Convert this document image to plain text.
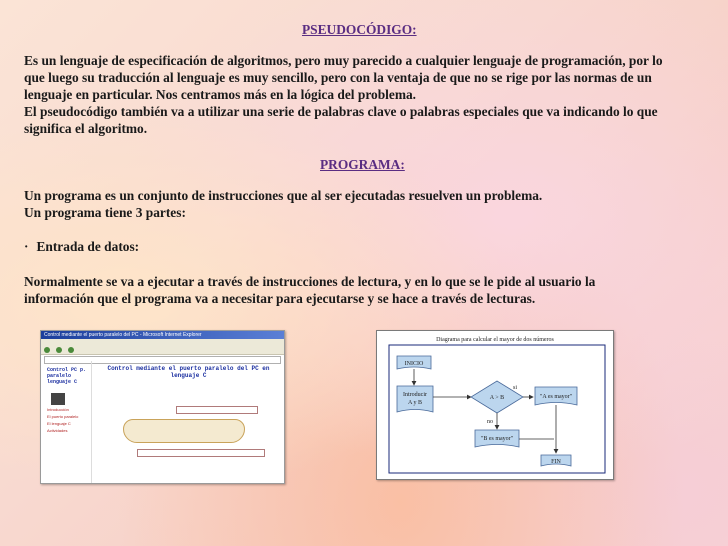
PSEUDOCÓDIGO:
Es un lenguaje de especificación de algoritmos, pero muy parecido a cualquier lenguaje de programación, por lo
que luego su traducción al lenguaje es muy sencillo, pero con la ventaja de que no se rige por las normas de un
lenguaje en particular. Nos centramos más en la lógica del problema.
El pseudocódigo también va a utilizar una serie de palabras clave o palabras especiales que va indicando lo que
significa el algoritmo.
PROGRAMA:
Un programa es un conjunto de instrucciones que al ser ejecutadas resuelven un problema.
Un programa tiene 3 partes:
· Entrada de datos:
Normalmente se va a ejecutar a través de instrucciones de lectura, y en lo que se le pide al usuario la
información que el programa va a necesitar para ejecutarse y se hace a través de lecturas.
Control mediante el puerto paralelo del PC - Microsoft Internet Explorer
Control PC p. paralelo lenguaje C
Introducción
El puerto paralelo
El lenguaje C
Actividades
Control mediante el puerto paralelo del PC en lenguaje C
Diagrama para calcular el mayor de dos números
INICIO
Introducir
A y B
A > B
si
"A es mayor"
no
"B es mayor"
FIN
